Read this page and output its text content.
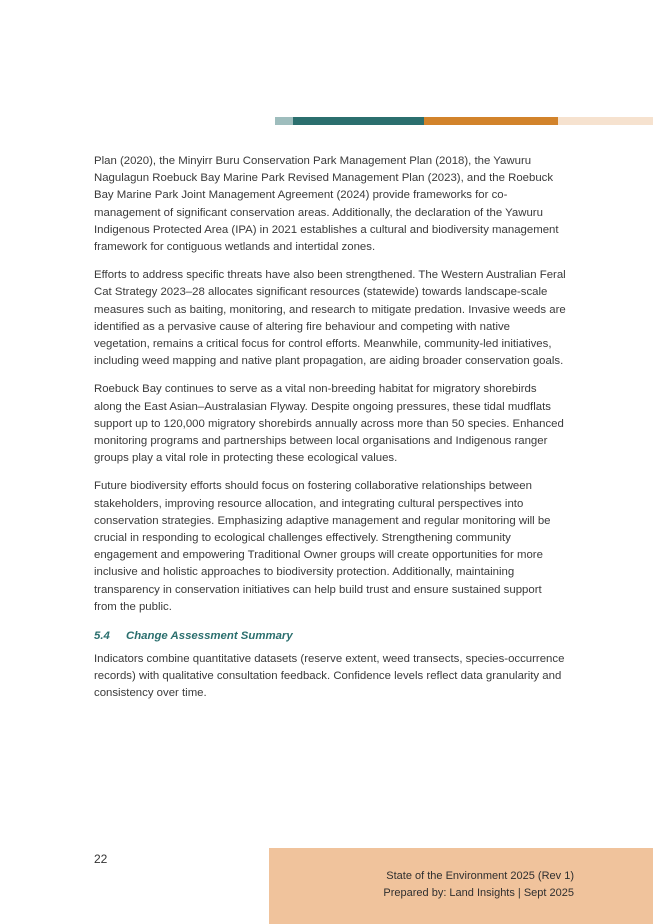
Plan (2020), the Minyirr Buru Conservation Park Management Plan (2018), the Yawuru Nagulagun Roebuck Bay Marine Park Revised Management Plan (2023), and the Roebuck Bay Marine Park Joint Management Agreement (2024) provide frameworks for co-management of significant conservation areas. Additionally, the declaration of the Yawuru Indigenous Protected Area (IPA) in 2021 establishes a cultural and biodiversity management framework for contiguous wetlands and intertidal zones.

Efforts to address specific threats have also been strengthened. The Western Australian Feral Cat Strategy 2023–28 allocates significant resources (statewide) towards landscape-scale measures such as baiting, monitoring, and research to mitigate predation. Invasive weeds are identified as a pervasive cause of altering fire behaviour and competing with native vegetation, remains a critical focus for control efforts. Meanwhile, community-led initiatives, including weed mapping and native plant propagation, are aiding broader conservation goals.

Roebuck Bay continues to serve as a vital non-breeding habitat for migratory shorebirds along the East Asian–Australasian Flyway. Despite ongoing pressures, these tidal mudflats support up to 120,000 migratory shorebirds annually across more than 50 species. Enhanced monitoring programs and partnerships between local organisations and Indigenous ranger groups play a vital role in protecting these ecological values.

Future biodiversity efforts should focus on fostering collaborative relationships between stakeholders, improving resource allocation, and integrating cultural perspectives into conservation strategies. Emphasizing adaptive management and regular monitoring will be crucial in responding to ecological challenges effectively. Strengthening community engagement and empowering Traditional Owner groups will create opportunities for more inclusive and holistic approaches to biodiversity protection. Additionally, maintaining transparency in conservation initiatives can help build trust and ensure sustained support from the public.

5.4 Change Assessment Summary

Indicators combine quantitative datasets (reserve extent, weed transects, species-occurrence records) with qualitative consultation feedback. Confidence levels reflect data granularity and consistency over time.

22
State of the Environment 2025 (Rev 1)
Prepared by: Land Insights | Sept 2025
